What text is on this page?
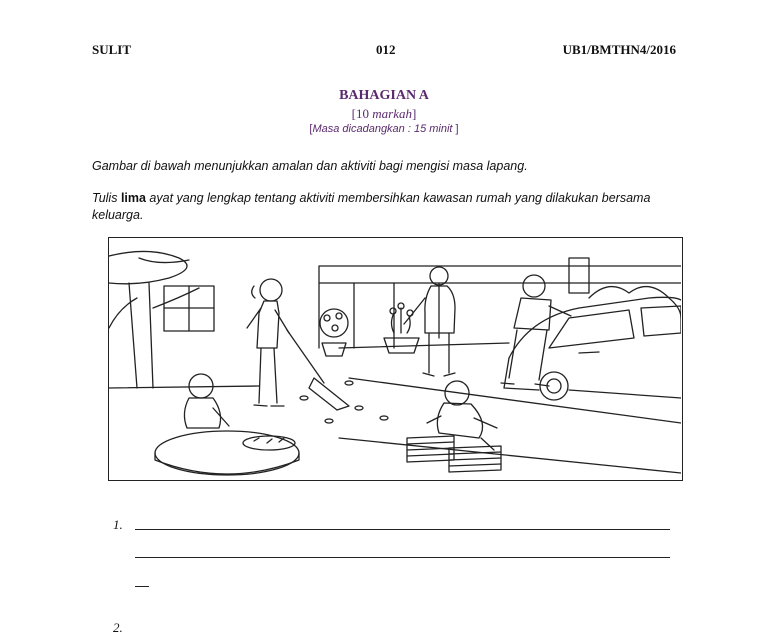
SULIT	012	UB1/BMTHN4/2016
BAHAGIAN A
[10 markah]
[Masa dicadangkan : 15 minit ]
Gambar di bawah menunjukkan amalan dan aktiviti bagi mengisi masa lapang.
Tulis lima ayat yang lengkap tentang aktiviti membersihkan kawasan rumah yang dilakukan bersama keluarga.
1.
2.
